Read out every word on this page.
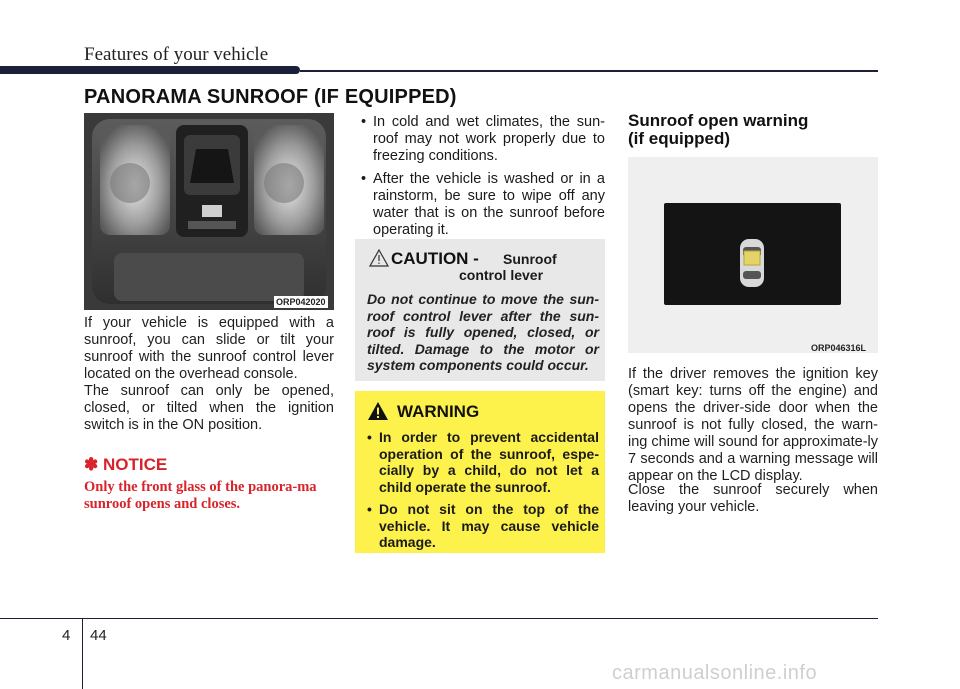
Features of your vehicle
PANORAMA SUNROOF (IF EQUIPPED)
ORP042020
If your vehicle is equipped with a sunroof, you can slide or tilt your sunroof with the sunroof control lever located on the overhead console.
The sunroof can only be opened, closed, or tilted when the ignition switch is in the ON position.
✽ NOTICE
Only the front glass of the panora-ma sunroof opens and closes.
• In cold and wet climates, the sun-roof may not work properly due to freezing conditions.
• After the vehicle is washed or in a rainstorm, be sure to wipe off any water that is on the sunroof before operating it.
CAUTION - Sunroof
control lever
Do not continue to move the sun-roof control lever after the sun-roof is fully opened, closed, or tilted. Damage to the motor or system components could occur.
WARNING
• In order to prevent accidental operation of the sunroof, espe-cially by a child, do not let a child operate the sunroof.
• Do not sit on the top of the vehicle. It may cause vehicle damage.
Sunroof open warning
(if equipped)
ORP046316L
If the driver removes the ignition key (smart key: turns off the engine) and opens the driver-side door when the sunroof is not fully closed, the warn-ing chime will sound for approximate-ly 7 seconds and a warning message will appear on the LCD display.
Close the sunroof securely when leaving your vehicle.
4 44
carmanualsonline.info
